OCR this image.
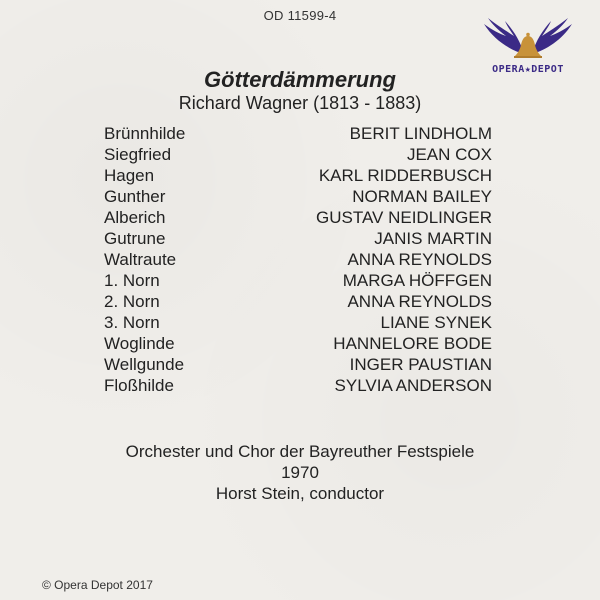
OD 11599-4
OPERA★DEPOT
Götterdämmerung
Richard Wagner (1813 - 1883)
Brünnhilde	BERIT LINDHOLM
Siegfried	JEAN COX
Hagen	KARL RIDDERBUSCH
Gunther	NORMAN BAILEY
Alberich	GUSTAV NEIDLINGER
Gutrune	JANIS MARTIN
Waltraute	ANNA REYNOLDS
1. Norn	MARGA HÖFFGEN
2. Norn	ANNA REYNOLDS
3. Norn	LIANE SYNEK
Woglinde	HANNELORE BODE
Wellgunde	INGER PAUSTIAN
Floßhilde	SYLVIA ANDERSON
Orchester und Chor der Bayreuther Festspiele
1970
Horst Stein, conductor
© Opera Depot 2017
